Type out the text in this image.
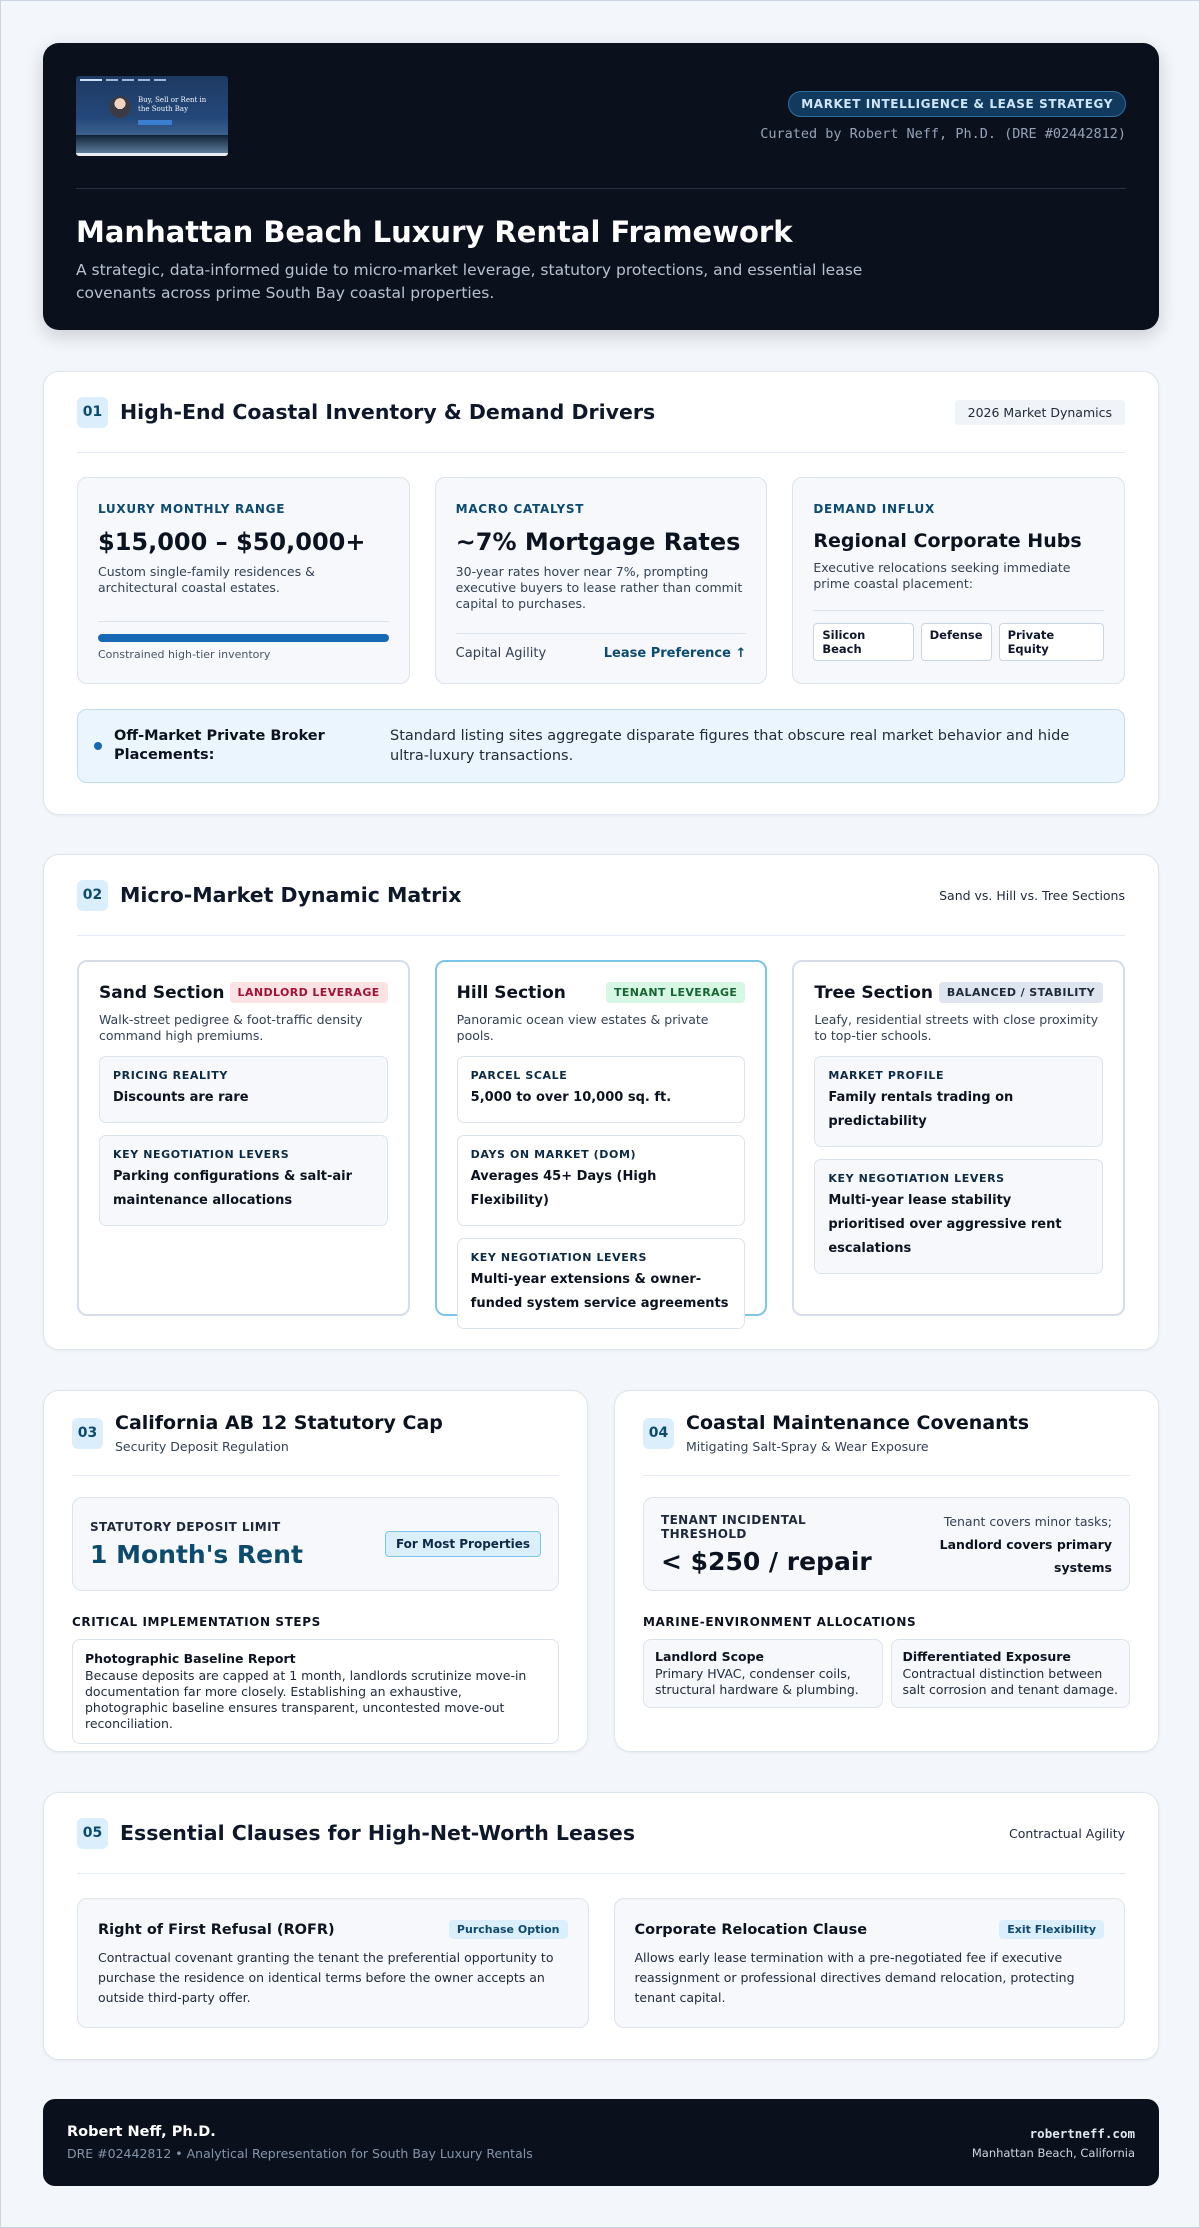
Buy, Sell or Rent in the South Bay	MARKET INTELLIGENCE & LEASE STRATEGY
Curated by Robert Neff, Ph.D. (DRE #02442812)
Manhattan Beach Luxury Rental Framework

A strategic, data-informed guide to micro-market leverage, statutory protections, and essential lease covenants across prime South Bay coastal properties.

01 High-End Coastal Inventory & Demand Drivers	2026 Market Dynamics
LUXURY MONTHLY RANGE
$15,000 – $50,000+
Custom single-family residences & architectural coastal estates.
Constrained high-tier inventory
MACRO CATALYST
~7% Mortgage Rates
30-year rates hover near 7%, prompting executive buyers to lease rather than commit capital to purchases.
Capital Agility	Lease Preference ↑
DEMAND INFLUX
Regional Corporate Hubs
Executive relocations seeking immediate prime coastal placement:
Silicon Beach
Defense	Private Equity
Off-Market Private Broker Placements:
Standard listing sites aggregate disparate figures that obscure real market behavior and hide ultra-luxury transactions.
02 Micro-Market Dynamic Matrix	Sand vs. Hill vs. Tree Sections
Sand Section	LANDLORD LEVERAGE
Walk-street pedigree & foot-traffic density command high premiums.
PRICING REALITY
Discounts are rare
KEY NEGOTIATION LEVERS
Parking configurations & salt-air maintenance allocations
Hill Section	TENANT LEVERAGE
Panoramic ocean view estates & private pools.
PARCEL SCALE
5,000 to over 10,000 sq. ft.
DAYS ON MARKET (DOM)
Averages 45+ Days (High Flexibility)
KEY NEGOTIATION LEVERS
Multi-year extensions & owner-funded system service agreements
Tree Section	BALANCED / STABILITY
Leafy, residential streets with close proximity to top-tier schools.
MARKET PROFILE
Family rentals trading on predictability
KEY NEGOTIATION LEVERS
Multi-year lease stability prioritised over aggressive rent escalations
03 California AB 12 Statutory Cap
Security Deposit Regulation
STATUTORY DEPOSIT LIMIT
1 Month's Rent	For Most Properties
CRITICAL IMPLEMENTATION STEPS
Photographic Baseline Report
Because deposits are capped at 1 month, landlords scrutinize move-in documentation far more closely. Establishing an exhaustive, photographic baseline ensures transparent, uncontested move-out reconciliation.
04 Coastal Maintenance Covenants
Mitigating Salt-Spray & Wear Exposure
TENANT INCIDENTAL THRESHOLD
< $250 / repair
Tenant covers minor tasks;
Landlord covers primary systems
MARINE-ENVIRONMENT ALLOCATIONS
Landlord Scope
Primary HVAC, condenser coils, structural hardware & plumbing.
Differentiated Exposure
Contractual distinction between salt corrosion and tenant damage.
05 Essential Clauses for High-Net-Worth Leases	Contractual Agility
Right of First Refusal (ROFR)	Purchase Option

Contractual covenant granting the tenant the preferential opportunity to purchase the residence on identical terms before the owner accepts an outside third-party offer.

Corporate Relocation Clause	Exit Flexibility

Allows early lease termination with a pre-negotiated fee if executive reassignment or professional directives demand relocation, protecting tenant capital.

Robert Neff, Ph.D.
DRE #02442812 • Analytical Representation for South Bay Luxury Rentals
robertneff.com
Manhattan Beach, California
